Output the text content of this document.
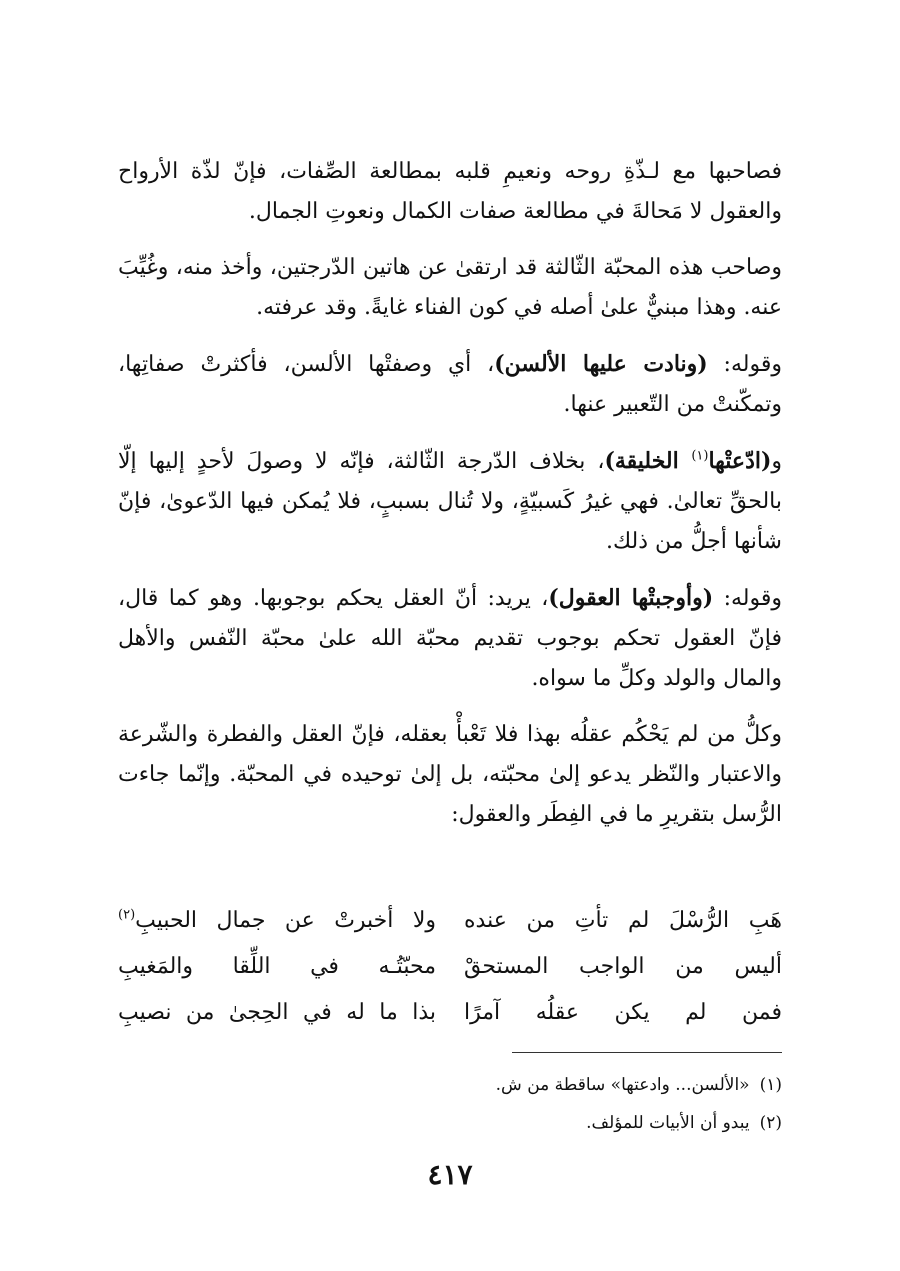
فصاحبها مع لـذّةِ روحه ونعيمِ قلبه بمطالعة الصِّفات، فإنّ لذّة الأرواح والعقول لا مَحالةَ في مطالعة صفات الكمال ونعوتِ الجمال.

وصاحب هذه المحبّة الثّالثة قد ارتقىٰ عن هاتين الدّرجتين، وأخذ منه، وغُيِّبَ عنه. وهذا مبنيٌّ علىٰ أصله في كون الفناء غايةً. وقد عرفته.

وقوله: (ونادت عليها الألسن)، أي وصفتْها الألسن، فأكثرتْ صفاتِها، وتمكّنتْ من التّعبير عنها.

و(ادّعتْها$^{(١)}$ الخليقة)، بخلاف الدّرجة الثّالثة، فإنّه لا وصولَ لأحدٍ إليها إلّا بالحقِّ تعالىٰ. فهي غيرُ كَسبيّةٍ، ولا تُنال بسببٍ، فلا يُمكن فيها الدّعوىٰ، فإنّ شأنها أجلُّ من ذلك.

وقوله: (وأوجبتْها العقول)، يريد: أنّ العقل يحكم بوجوبها. وهو كما قال، فإنّ العقول تحكم بوجوب تقديم محبّة الله علىٰ محبّة النّفس والأهل والمال والولد وكلِّ ما سواه.

وكلُّ من لم يَحْكُم عقلُه بهذا فلا تَعْبأْ بعقله، فإنّ العقل والفطرة والشّرعة والاعتبار والنّظر يدعو إلىٰ محبّته، بل إلىٰ توحيده في المحبّة. وإنّما جاءت الرُّسل بتقريرِ ما في الفِطَر والعقول:

هَبِ الرُّسْلَ لم تأتِ من عنده
ولا أخبرتْ عن جمال الحبيبِ$^{(٢)}$
أليس من الواجب المستحقْ
محبّتُـه في اللِّقا والمَغيبِ
فمن لم يكن عقلُه آمرًا
بذا ما له في الحِجىٰ من نصيبِ

(١)«الألسن... وادعتها» ساقطة من ش.

(٢)يبدو أن الأبيات للمؤلف.

٤١٧
